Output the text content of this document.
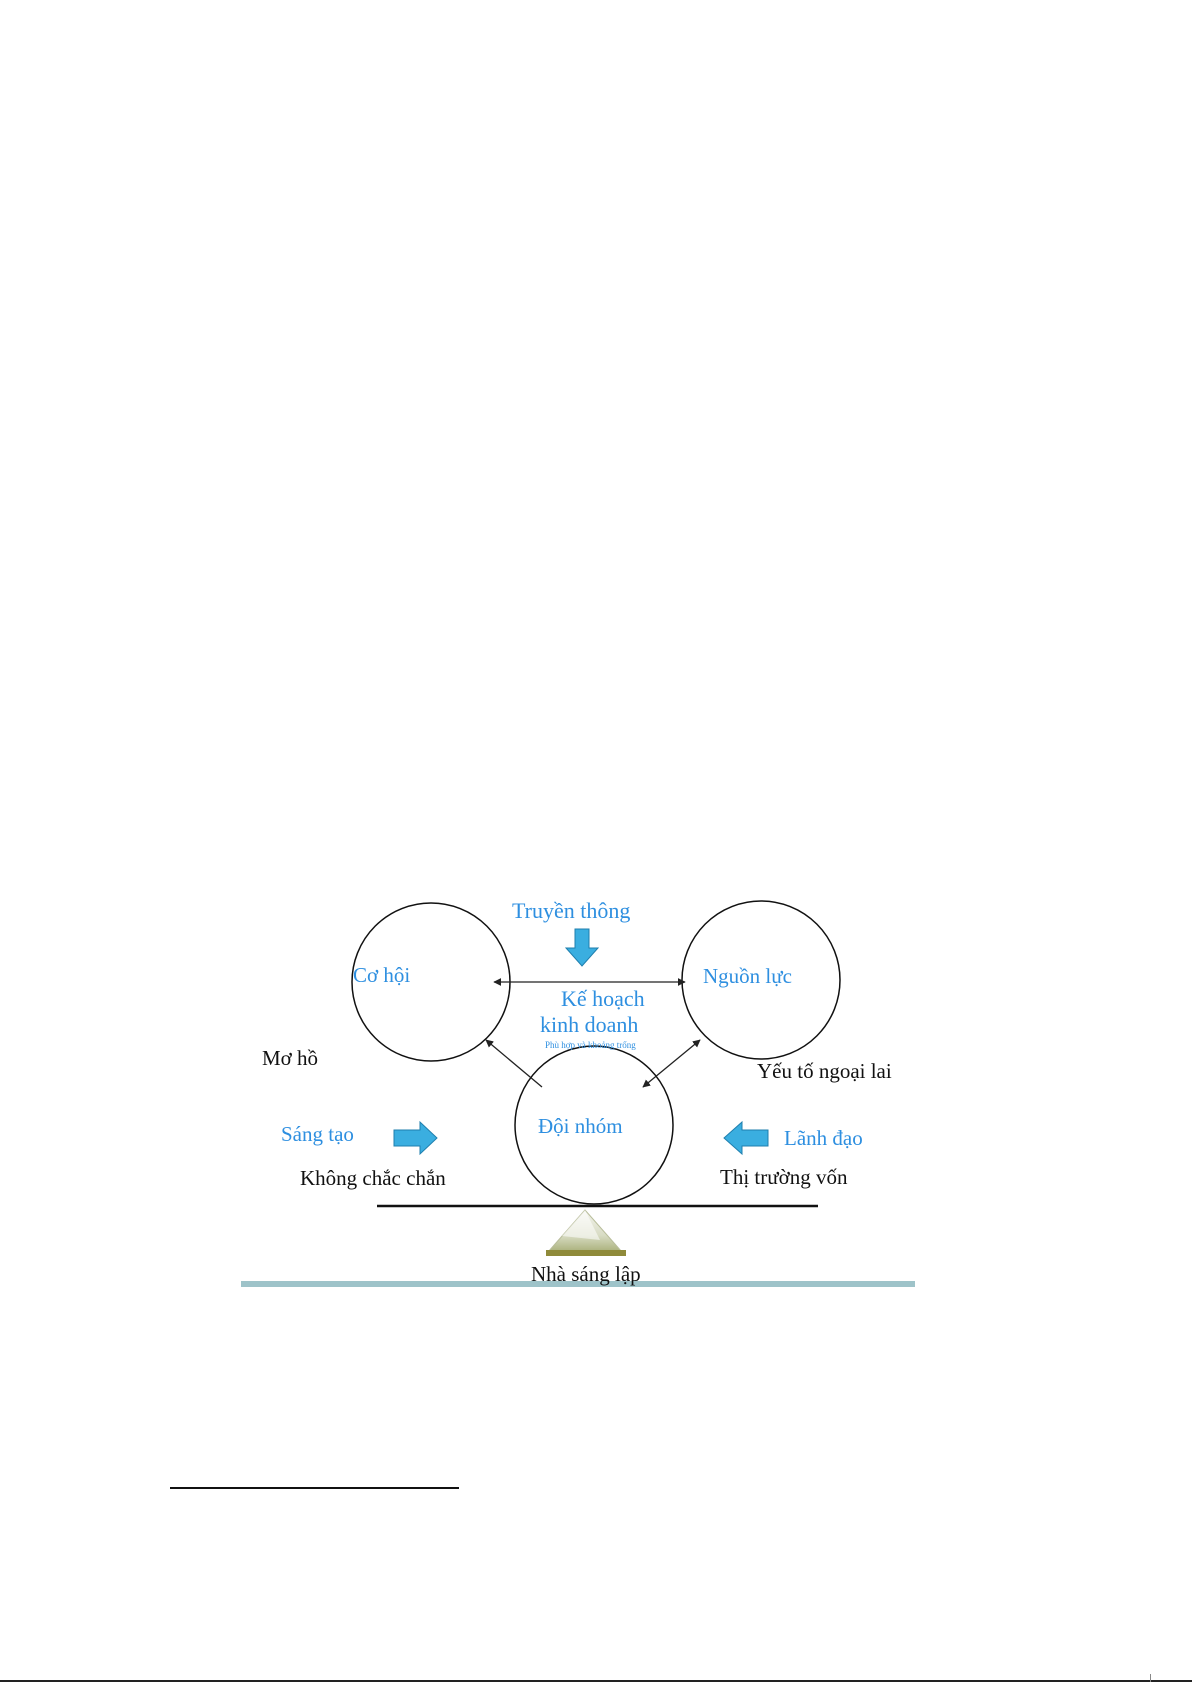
Truyền thông
Cơ hội	Nguồn lực
Kế hoạch
kinh doanh
Phù hợp và khoảng trống
Đội nhóm
Mơ hồ
Sáng tạo
Không chắc chắn
Yếu tố ngoại lai
Lãnh đạo
Thị trường vốn
Nhà sáng lập
